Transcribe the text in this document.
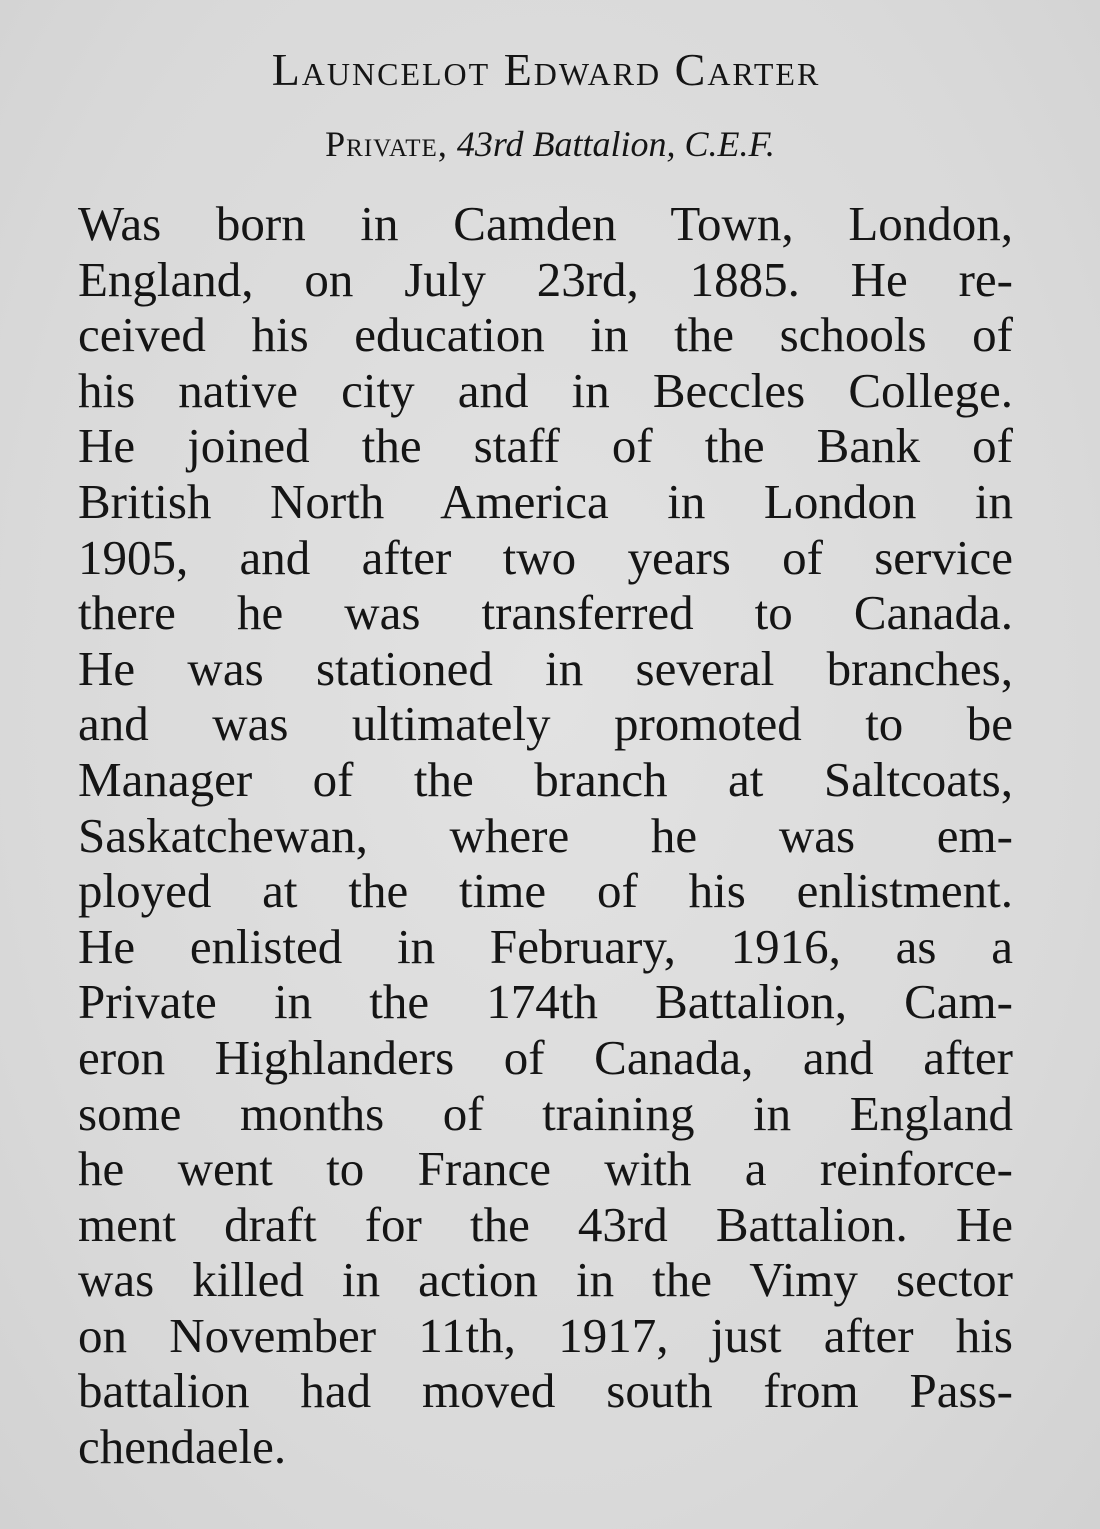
Launcelot Edward Carter
Private, 43rd Battalion, C.E.F.
Was born in Camden Town, London,
England, on July 23rd, 1885. He re-
ceived his education in the schools of
his native city and in Beccles College.
He joined the staff of the Bank of
British North America in London in
1905, and after two years of service
there he was transferred to Canada.
He was stationed in several branches,
and was ultimately promoted to be
Manager of the branch at Saltcoats,
Saskatchewan, where he was em-
ployed at the time of his enlistment.
He enlisted in February, 1916, as a
Private in the 174th Battalion, Cam-
eron Highlanders of Canada, and after
some months of training in England
he went to France with a reinforce-
ment draft for the 43rd Battalion. He
was killed in action in the Vimy sector
on November 11th, 1917, just after his
battalion had moved south from Pass-
chendaele.
